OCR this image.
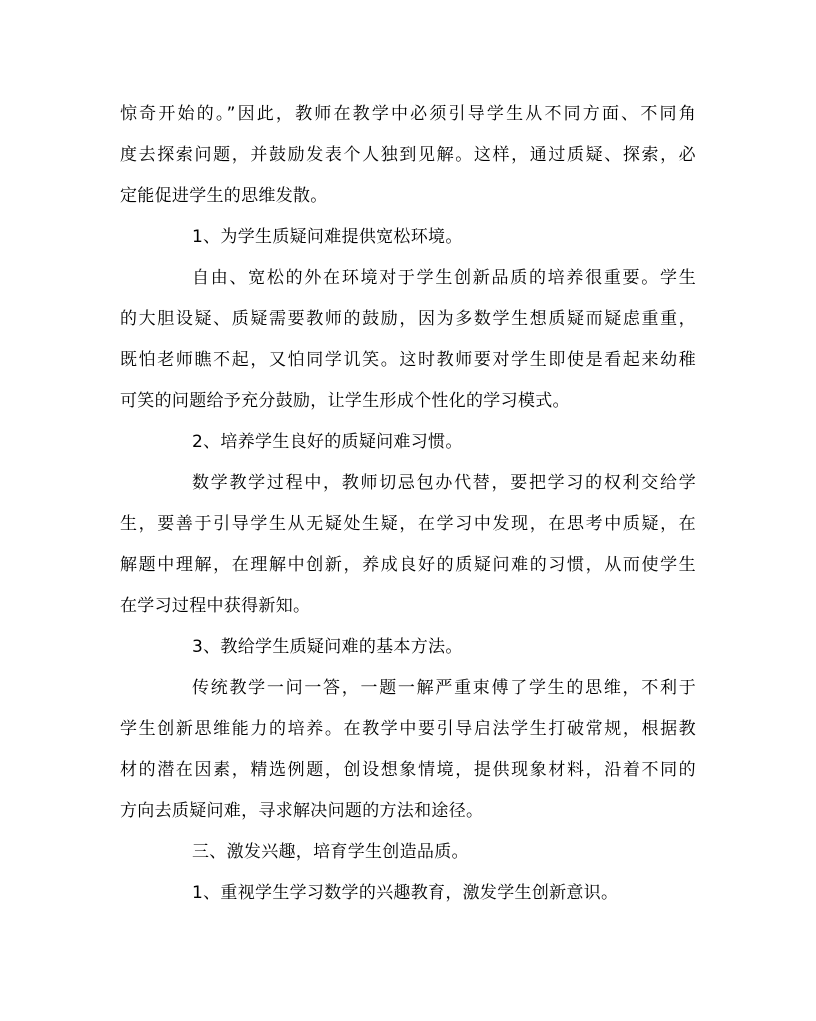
惊奇开始的。”因此，教师在教学中必须引导学生从不同方面、不同角
度去探索问题，并鼓励发表个人独到见解。这样，通过质疑、探索，必
定能促进学生的思维发散。
1、为学生质疑问难提供宽松环境。
自由、宽松的外在环境对于学生创新品质的培养很重要。学生
的大胆设疑、质疑需要教师的鼓励，因为多数学生想质疑而疑虑重重，
既怕老师瞧不起，又怕同学讥笑。这时教师要对学生即使是看起来幼稚
可笑的问题给予充分鼓励，让学生形成个性化的学习模式。
2、培养学生良好的质疑问难习惯。
数学教学过程中，教师切忌包办代替，要把学习的权利交给学
生，要善于引导学生从无疑处生疑，在学习中发现，在思考中质疑，在
解题中理解，在理解中创新，养成良好的质疑问难的习惯，从而使学生
在学习过程中获得新知。
3、教给学生质疑问难的基本方法。
传统教学一问一答，一题一解严重束傅了学生的思维，不利于
学生创新思维能力的培养。在教学中要引导启法学生打破常规，根据教
材的潜在因素，精选例题，创设想象情境，提供现象材料，沿着不同的
方向去质疑问难，寻求解决问题的方法和途径。
三、激发兴趣，培育学生创造品质。
1、重视学生学习数学的兴趣教育，激发学生创新意识。
